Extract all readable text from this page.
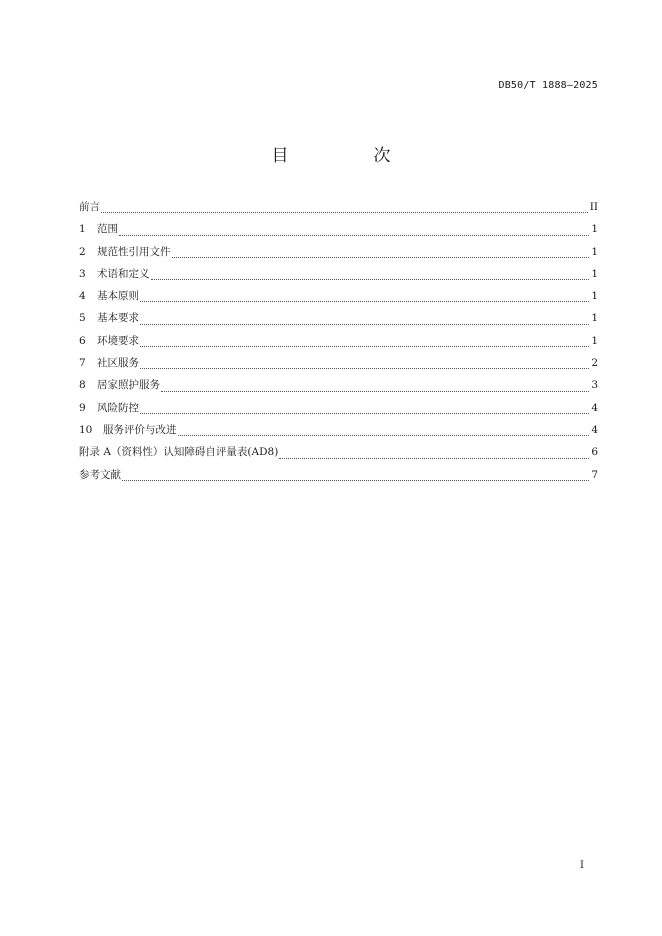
DB50/T 1888—2025
目　次
前言	II
1	范围	1
2	规范性引用文件	1
3	术语和定义	1
4	基本原则	1
5	基本要求	1
6	环境要求	1
7	社区服务	2
8	居家照护服务	3
9	风险防控	4
10	服务评价与改进	4
附录 A（资料性）认知障碍自评量表(AD8)	6
参考文献	7
I
